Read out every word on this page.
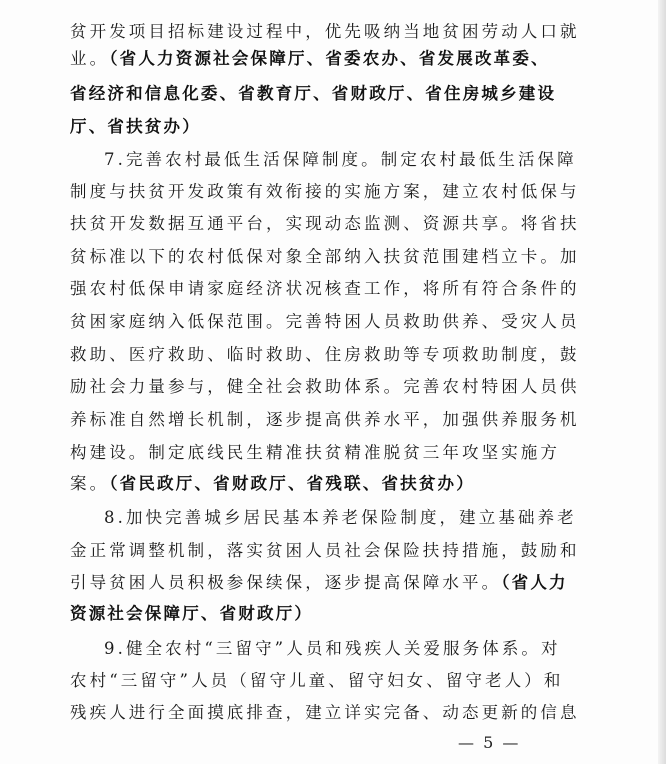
贫开发项目招标建设过程中，优先吸纳当地贫困劳动人口就
业。（省人力资源社会保障厅、省委农办、省发展改革委、
省经济和信息化委、省教育厅、省财政厅、省住房城乡建设
厅、省扶贫办）
7.完善农村最低生活保障制度。制定农村最低生活保障
制度与扶贫开发政策有效衔接的实施方案，建立农村低保与
扶贫开发数据互通平台，实现动态监测、资源共享。将省扶
贫标准以下的农村低保对象全部纳入扶贫范围建档立卡。加
强农村低保申请家庭经济状况核查工作，将所有符合条件的
贫困家庭纳入低保范围。完善特困人员救助供养、受灾人员
救助、医疗救助、临时救助、住房救助等专项救助制度，鼓
励社会力量参与，健全社会救助体系。完善农村特困人员供
养标准自然增长机制，逐步提高供养水平，加强供养服务机
构建设。制定底线民生精准扶贫精准脱贫三年攻坚实施方
案。（省民政厅、省财政厅、省残联、省扶贫办）
8.加快完善城乡居民基本养老保险制度，建立基础养老
金正常调整机制，落实贫困人员社会保险扶持措施，鼓励和
引导贫困人员积极参保续保，逐步提高保障水平。（省人力
资源社会保障厅、省财政厅）
9.健全农村“三留守”人员和残疾人关爱服务体系。对
农村“三留守”人员（留守儿童、留守妇女、留守老人）和
残疾人进行全面摸底排查，建立详实完备、动态更新的信息
— 5 —
